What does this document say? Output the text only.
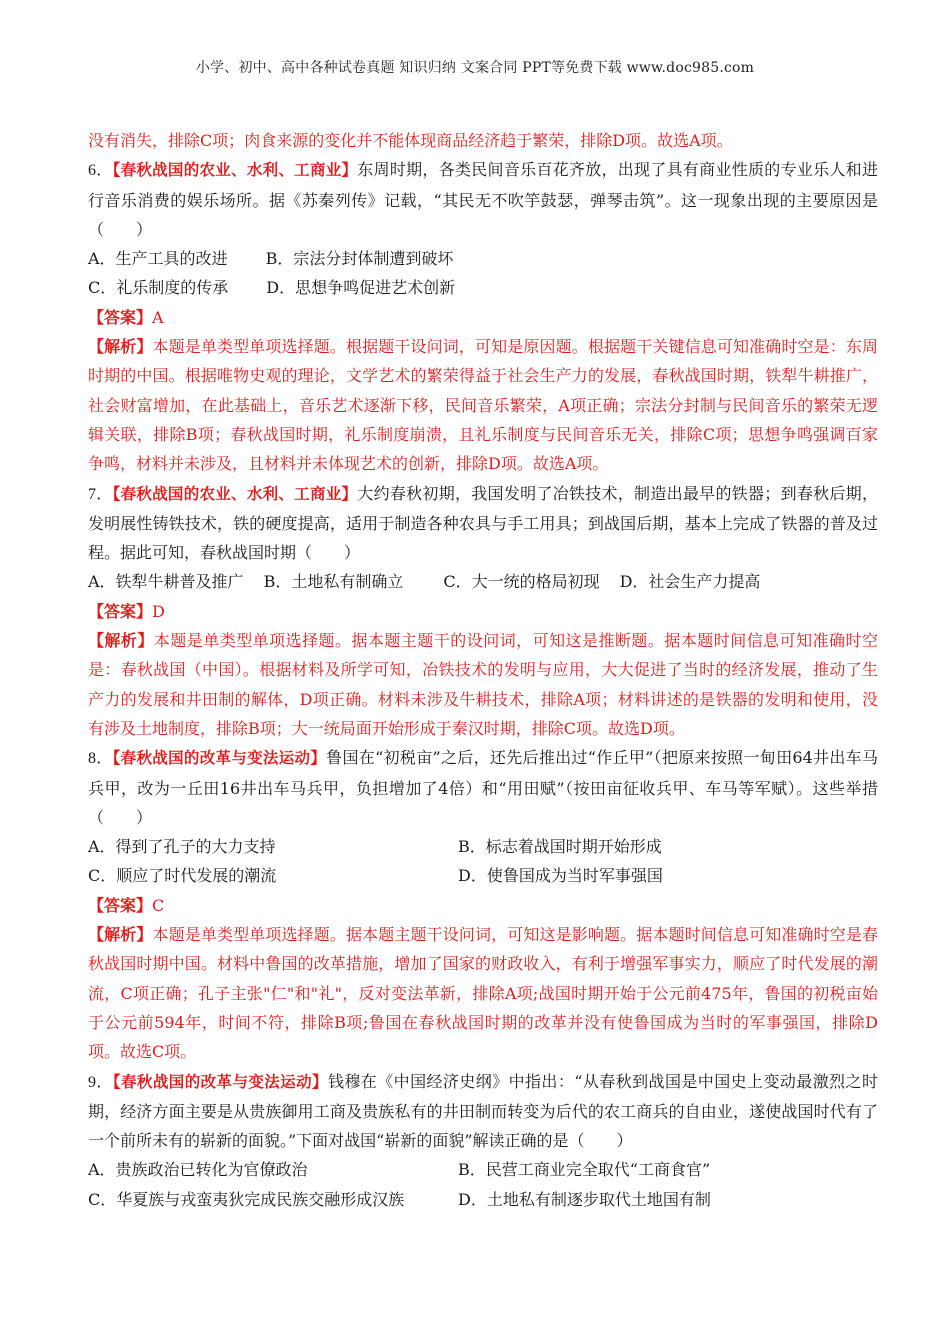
小学、初中、高中各种试卷真题 知识归纳 文案合同 PPT等免费下载 www.doc985.com

没有消失，排除C项；肉食来源的变化并不能体现商品经济趋于繁荣，排除D项。故选A项。

6．【春秋战国的农业、水利、工商业】东周时期，各类民间音乐百花齐放，出现了具有商业性质的专业乐人和进行音乐消费的娱乐场所。据《苏秦列传》记载，“其民无不吹竽鼓瑟，弹琴击筑”。这一现象出现的主要原因是（　　）

A．生产工具的改进 B．宗法分封体制遭到破坏
C．礼乐制度的传承 D．思想争鸣促进艺术创新

【答案】A

【解析】本题是单类型单项选择题。根据题干设问词，可知是原因题。根据题干关键信息可知准确时空是：东周时期的中国。根据唯物史观的理论，文学艺术的繁荣得益于社会生产力的发展，春秋战国时期，铁犁牛耕推广，社会财富增加，在此基础上，音乐艺术逐渐下移，民间音乐繁荣，A项正确；宗法分封制与民间音乐的繁荣无逻辑关联，排除B项；春秋战国时期，礼乐制度崩溃，且礼乐制度与民间音乐无关，排除C项；思想争鸣强调百家争鸣，材料并未涉及，且材料并未体现艺术的创新，排除D项。故选A项。

7．【春秋战国的农业、水利、工商业】大约春秋初期，我国发明了冶铁技术，制造出最早的铁器；到春秋后期，发明展性铸铁技术，铁的硬度提高，适用于制造各种农具与手工用具；到战国后期，基本上完成了铁器的普及过程。据此可知，春秋战国时期（　　）

A．铁犁牛耕普及推广 B．土地私有制确立	C．大一统的格局初现 D．社会生产力提高

【答案】D

【解析】本题是单类型单项选择题。据本题主题干的设问词，可知这是推断题。据本题时间信息可知准确时空是：春秋战国（中国）。根据材料及所学可知，冶铁技术的发明与应用，大大促进了当时的经济发展，推动了生产力的发展和井田制的解体，D项正确。材料未涉及牛耕技术，排除A项；材料讲述的是铁器的发明和使用，没有涉及土地制度，排除B项；大一统局面开始形成于秦汉时期，排除C项。故选D项。

8．【春秋战国的改革与变法运动】鲁国在“初税亩”之后，还先后推出过“作丘甲”（把原来按照一甸田64井出车马兵甲，改为一丘田16井出车马兵甲，负担增加了4倍）和“用田赋”（按田亩征收兵甲、车马等军赋）。这些举措（　　）

A．得到了孔子的大力支持	B．标志着战国时期开始形成
C．顺应了时代发展的潮流	D．使鲁国成为当时军事强国

【答案】C

【解析】本题是单类型单项选择题。据本题主题干设问词，可知这是影响题。据本题时间信息可知准确时空是春秋战国时期中国。材料中鲁国的改革措施，增加了国家的财政收入，有利于增强军事实力，顺应了时代发展的潮流，C项正确；孔子主张"仁"和"礼"，反对变法革新，排除A项;战国时期开始于公元前475年，鲁国的初税亩始于公元前594年，时间不符，排除B项;鲁国在春秋战国时期的改革并没有使鲁国成为当时的军事强国，排除D项。故选C项。

9．【春秋战国的改革与变法运动】钱穆在《中国经济史纲》中指出：“从春秋到战国是中国史上变动最激烈之时期，经济方面主要是从贵族御用工商及贵族私有的井田制而转变为后代的农工商兵的自由业，遂使战国时代有了一个前所未有的崭新的面貌。”下面对战国“崭新的面貌”解读正确的是（　　）

A．贵族政治已转化为官僚政治	B．民营工商业完全取代“工商食官”
C．华夏族与戎蛮夷狄完成民族交融形成汉族	D．土地私有制逐步取代土地国有制
